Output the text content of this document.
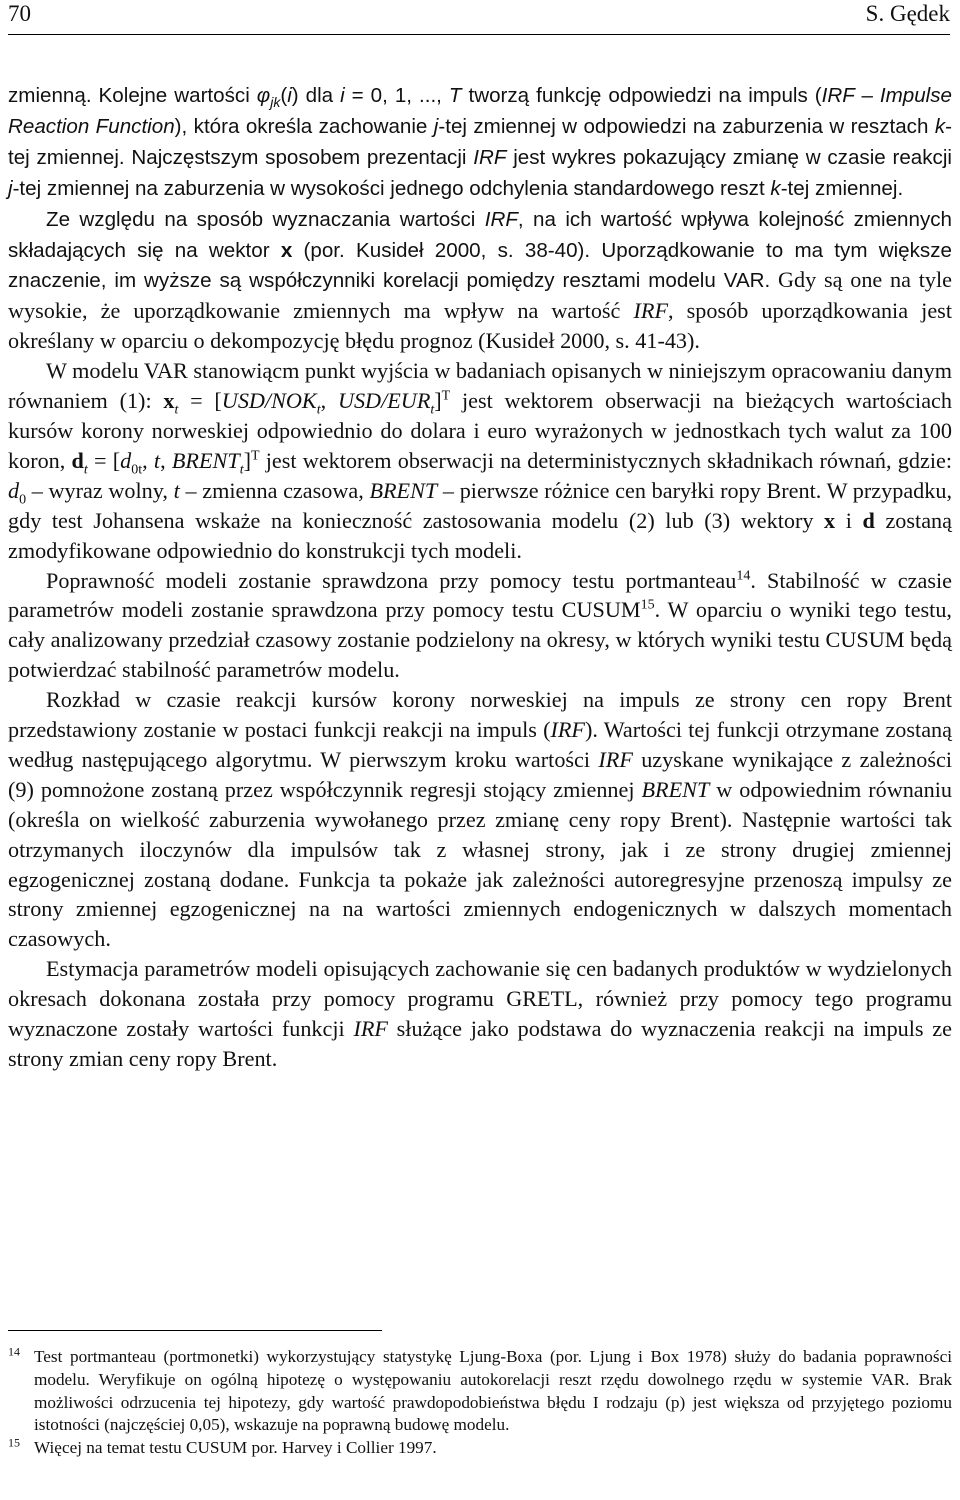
70	S. Gędek

zmienną. Kolejne wartości $\varphi_{jk}(i)$ dla i = 0, 1, ..., T tworzą funkcję odpowiedzi na impuls (IRF – Impulse Reaction Function), która określa zachowanie j-tej zmiennej w odpowiedzi na zaburzenia w resztach k-tej zmiennej. Najczęstszym sposobem prezentacji IRF jest wykres pokazujący zmianę w czasie reakcji j-tej zmiennej na zaburzenia w wysokości jednego odchylenia standardowego reszt k-tej zmiennej.

Ze względu na sposób wyznaczania wartości IRF, na ich wartość wpływa kolejność zmiennych składających się na wektor x (por. Kusideł 2000, s. 38-40). Uporządkowanie to ma tym większe znaczenie, im wyższe są współczynniki korelacji pomiędzy resztami modelu VAR. Gdy są one na tyle wysokie, że uporządkowanie zmiennych ma wpływ na wartość IRF, sposób uporządkowania jest określany w oparciu o dekompozycję błędu prognoz (Kusideł 2000, s. 41-43).

W modelu VAR stanowiącm punkt wyjścia w badaniach opisanych w niniejszym opracowaniu danym równaniem (1): $x_t = [USD/NOK_t$, USD/$EUR_t]^T$ jest wektorem obserwacji na bieżących wartościach kursów korony norweskiej odpowiednio do dolara i euro wyrażonych w jednostkach tych walut za 100 koron, $d_t = [d_{0t}$, t, $BRENT_t]^T$ jest wektorem obserwacji na deterministycznych składnikach równań, gdzie: $d_0$ – wyraz wolny, t – zmienna czasowa, BRENT – pierwsze różnice cen baryłki ropy Brent. W przypadku, gdy test Johansena wskaże na konieczność zastosowania modelu (2) lub (3) wektory x i d zostaną zmodyfikowane odpowiednio do konstrukcji tych modeli.

Poprawność modeli zostanie sprawdzona przy pomocy testu portmanteau$^{14}$. Stabilność w czasie parametrów modeli zostanie sprawdzona przy pomocy testu CUSUM$^{15}$. W oparciu o wyniki tego testu, cały analizowany przedział czasowy zostanie podzielony na okresy, w których wyniki testu CUSUM będą potwierdzać stabilność parametrów modelu.

Rozkład w czasie reakcji kursów korony norweskiej na impuls ze strony cen ropy Brent przedstawiony zostanie w postaci funkcji reakcji na impuls (IRF). Wartości tej funkcji otrzymane zostaną według następującego algorytmu. W pierwszym kroku wartości IRF uzyskane wynikające z zależności (9) pomnożone zostaną przez współczynnik regresji stojący zmiennej BRENT w odpowiednim równaniu (określa on wielkość zaburzenia wywołanego przez zmianę ceny ropy Brent). Następnie wartości tak otrzymanych iloczynów dla impulsów tak z własnej strony, jak i ze strony drugiej zmiennej egzogenicznej zostaną dodane. Funkcja ta pokaże jak zależności autoregresyjne przenoszą impulsy ze strony zmiennej egzogenicznej na na wartości zmiennych endogenicznych w dalszych momentach czasowych.

Estymacja parametrów modeli opisujących zachowanie się cen badanych produktów w wydzielonych okresach dokonana została przy pomocy programu GRETL, również przy pomocy tego programu wyznaczone zostały wartości funkcji IRF służące jako podstawa do wyznaczenia reakcji na impuls ze strony zmian ceny ropy Brent.

$^{14}$ Test portmanteau (portmonetki) wykorzystujący statystykę Ljung-Boxa (por. Ljung i Box 1978) służy do badania poprawności modelu. Weryfikuje on ogólną hipotezę o występowaniu autokorelacji reszt rzędu dowolnego rzędu w systemie VAR. Brak możliwości odrzucenia tej hipotezy, gdy wartość prawdopodobieństwa błędu I rodzaju (p) jest większa od przyjętego poziomu istotności (najczęściej 0,05), wskazuje na poprawną budowę modelu.

$^{15}$ Więcej na temat testu CUSUM por. Harvey i Collier 1997.
